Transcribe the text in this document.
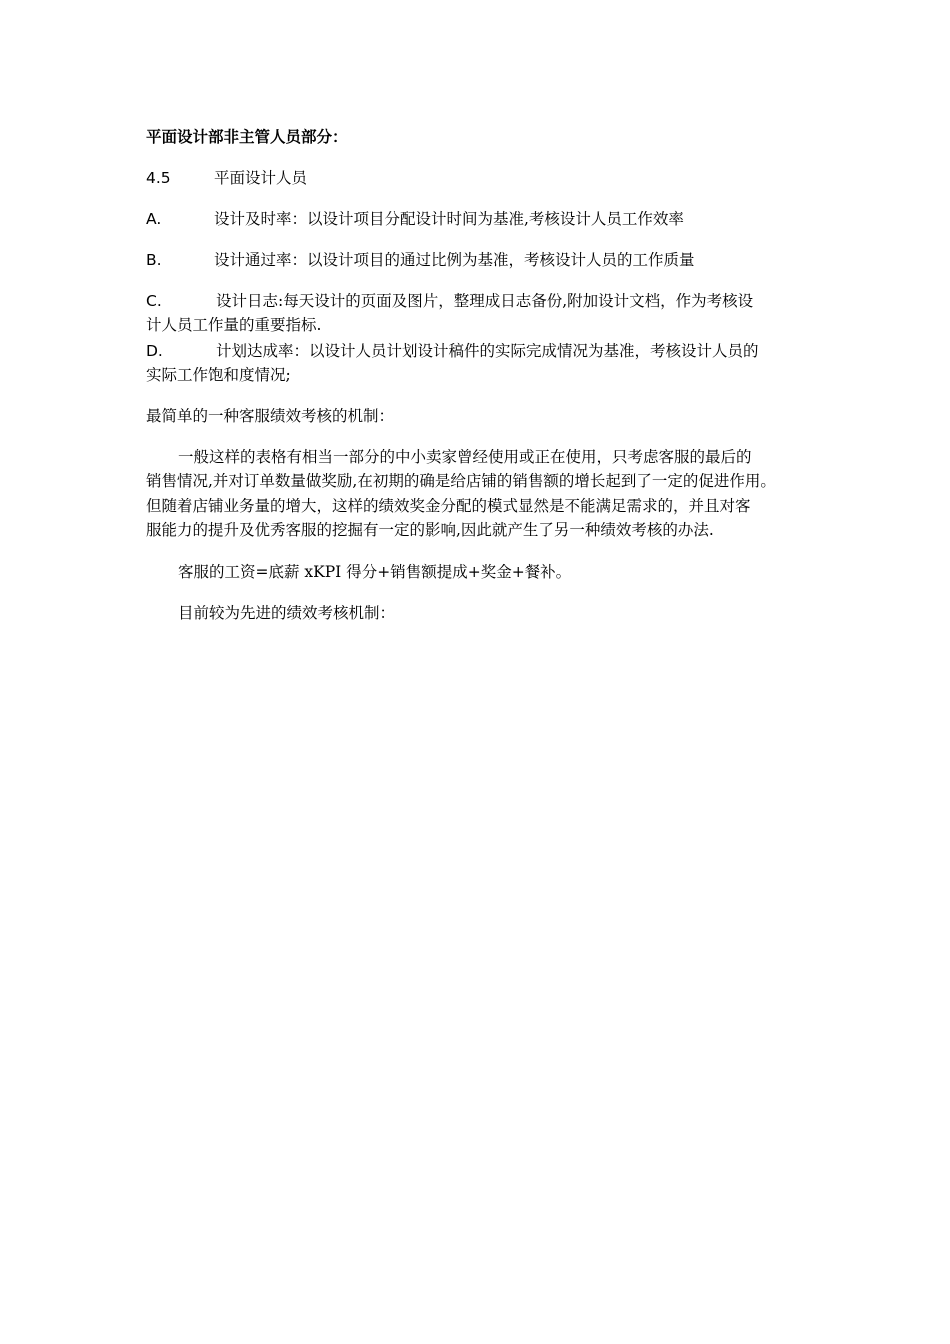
平面设计部非主管人员部分：
4.5	平面设计人员
A.	设计及时率：以设计项目分配设计时间为基准,考核设计人员工作效率
B.	设计通过率：以设计项目的通过比例为基准，考核设计人员的工作质量
C.	设计日志:每天设计的页面及图片，整理成日志备份,附加设计文档，作为考核设
计人员工作量的重要指标.
D.	计划达成率：以设计人员计划设计稿件的实际完成情况为基准，考核设计人员的
实际工作饱和度情况;
最简单的一种客服绩效考核的机制：
一般这样的表格有相当一部分的中小卖家曾经使用或正在使用，只考虑客服的最后的
销售情况,并对订单数量做奖励,在初期的确是给店铺的销售额的增长起到了一定的促进作用。
但随着店铺业务量的增大，这样的绩效奖金分配的模式显然是不能满足需求的，并且对客
服能力的提升及优秀客服的挖掘有一定的影响,因此就产生了另一种绩效考核的办法.
客服的工资=底薪 xKPI 得分+销售额提成+奖金+餐补。
目前较为先进的绩效考核机制：
